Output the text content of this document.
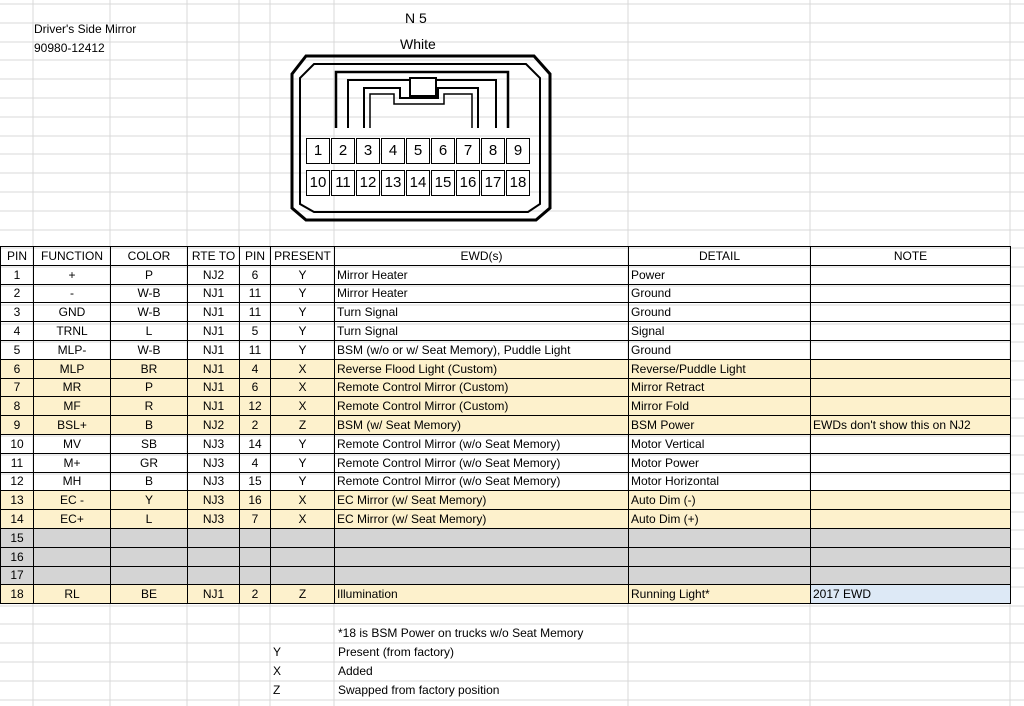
Driver's Side Mirror
90980-12412
N 5
White
1	2	3	4	5	6	7	8	9
10 11 12 13 14 15 16 17 18
PIN	FUNCTION	COLOR	RTE TO	PIN	PRESENT	EWD(s)	DETAIL	NOTE
1	+	P	NJ2	6	Y	Mirror Heater	Power	
2	-	W-B	NJ1	11	Y	Mirror Heater	Ground	
3	GND	W-B	NJ1	11	Y	Turn Signal	Ground	
4	TRNL	L	NJ1	5	Y	Turn Signal	Signal	
5	MLP-	W-B	NJ1	11	Y	BSM (w/o or w/ Seat Memory), Puddle Light	Ground	
6	MLP	BR	NJ1	4	X	Reverse Flood Light (Custom)	Reverse/Puddle Light	
7	MR	P	NJ1	6	X	Remote Control Mirror (Custom)	Mirror Retract	
8	MF	R	NJ1	12	X	Remote Control Mirror (Custom)	Mirror Fold	
9	BSL+	B	NJ2	2	Z	BSM (w/ Seat Memory)	BSM Power	EWDs don't show this on NJ2
10	MV	SB	NJ3	14	Y	Remote Control Mirror (w/o Seat Memory)	Motor Vertical	
11	M+	GR	NJ3	4	Y	Remote Control Mirror (w/o Seat Memory)	Motor Power	
12	MH	B	NJ3	15	Y	Remote Control Mirror (w/o Seat Memory)	Motor Horizontal	
13	EC -	Y	NJ3	16	X	EC Mirror (w/ Seat Memory)	Auto Dim (-)	
14	EC+	L	NJ3	7	X	EC Mirror (w/ Seat Memory)	Auto Dim (+)	
15								
16								
17								
18	RL	BE	NJ1	2	Z	Illumination	Running Light*	2017 EWD
*18 is BSM Power on trucks w/o Seat Memory
Y	Present (from factory)
X	Added
Z	Swapped from factory position
